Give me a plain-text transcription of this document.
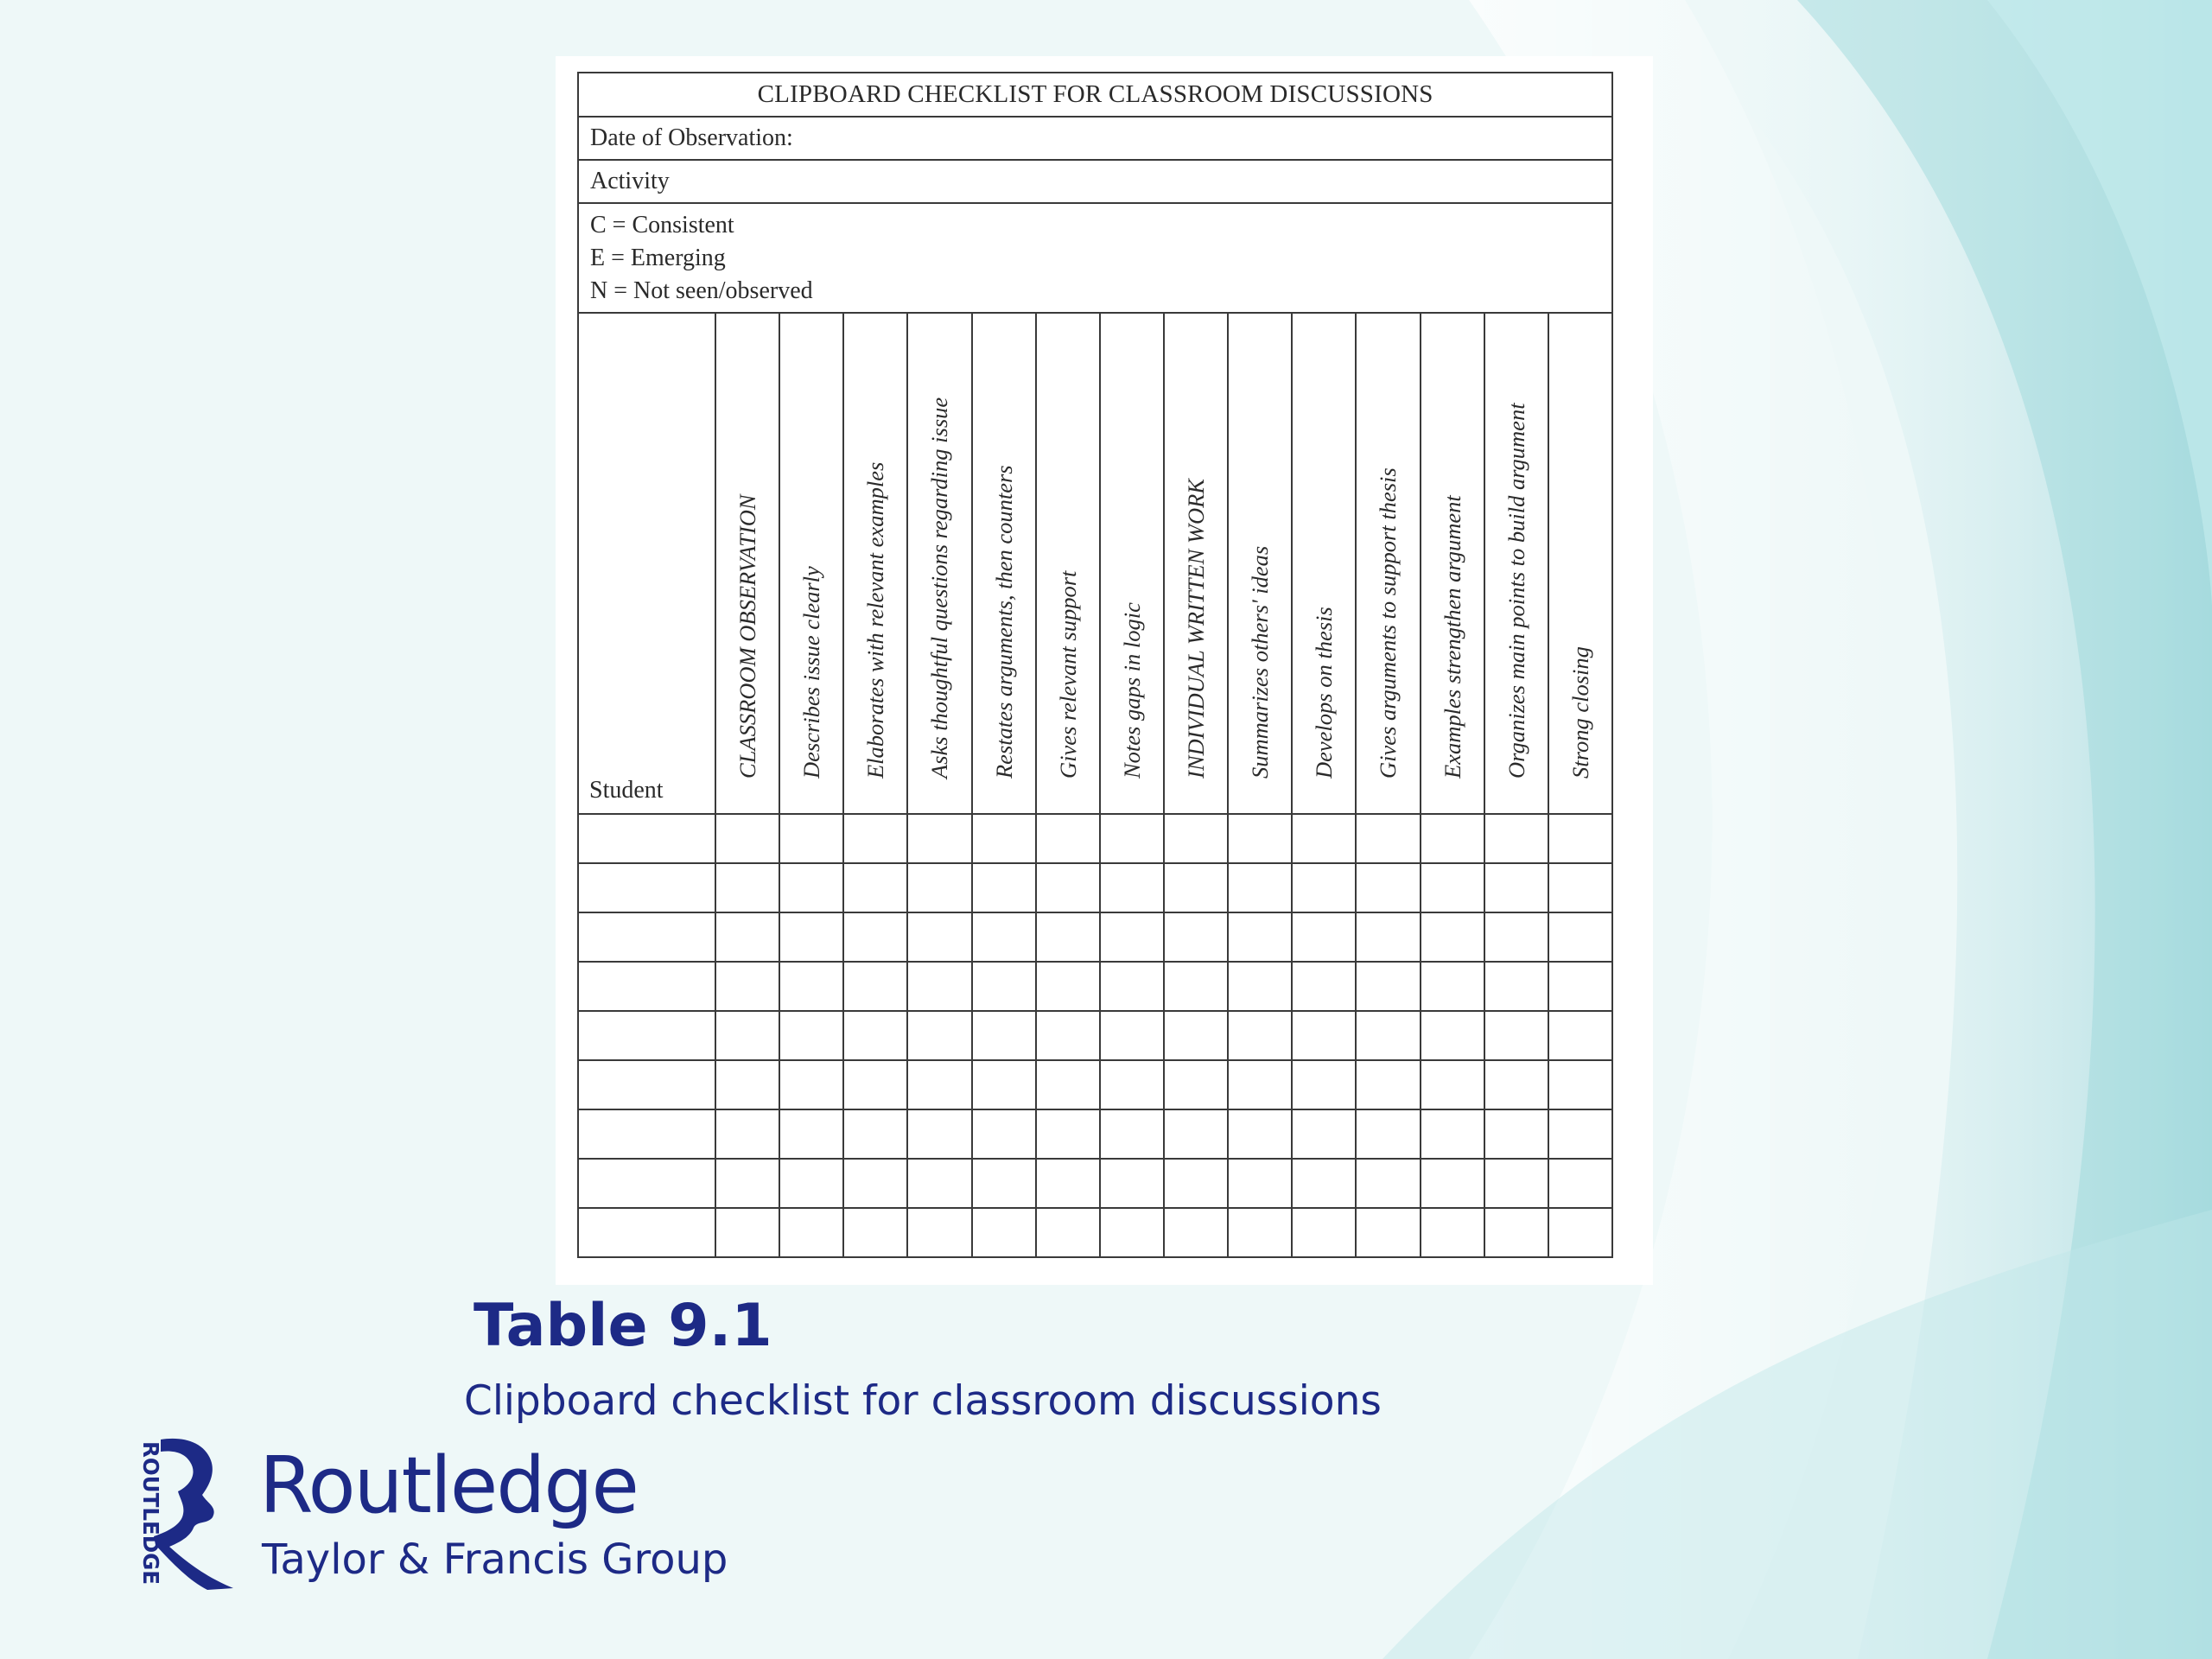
CLIPBOARD CHECKLIST FOR CLASSROOM DISCUSSIONS														
Date of Observation:														
Activity														

C = Consistent
E = Emerging
N = Not seen/observed														

Student	CLASSROOM OBSERVATION	Describes issue clearly	Elaborates with relevant examples	Asks thoughtful questions regarding issue	Restates arguments, then counters	Gives relevant support	Notes gaps in logic	INDIVIDUAL WRITTEN WORK	Summarizes others' ideas	Develops on thesis	Gives arguments to support thesis	Examples strengthen argument	Organizes main points to build argument	Strong closing

Table 9.1

Clipboard checklist for classroom discussions

ROUTLEDGE Routledge
Taylor & Francis Group
